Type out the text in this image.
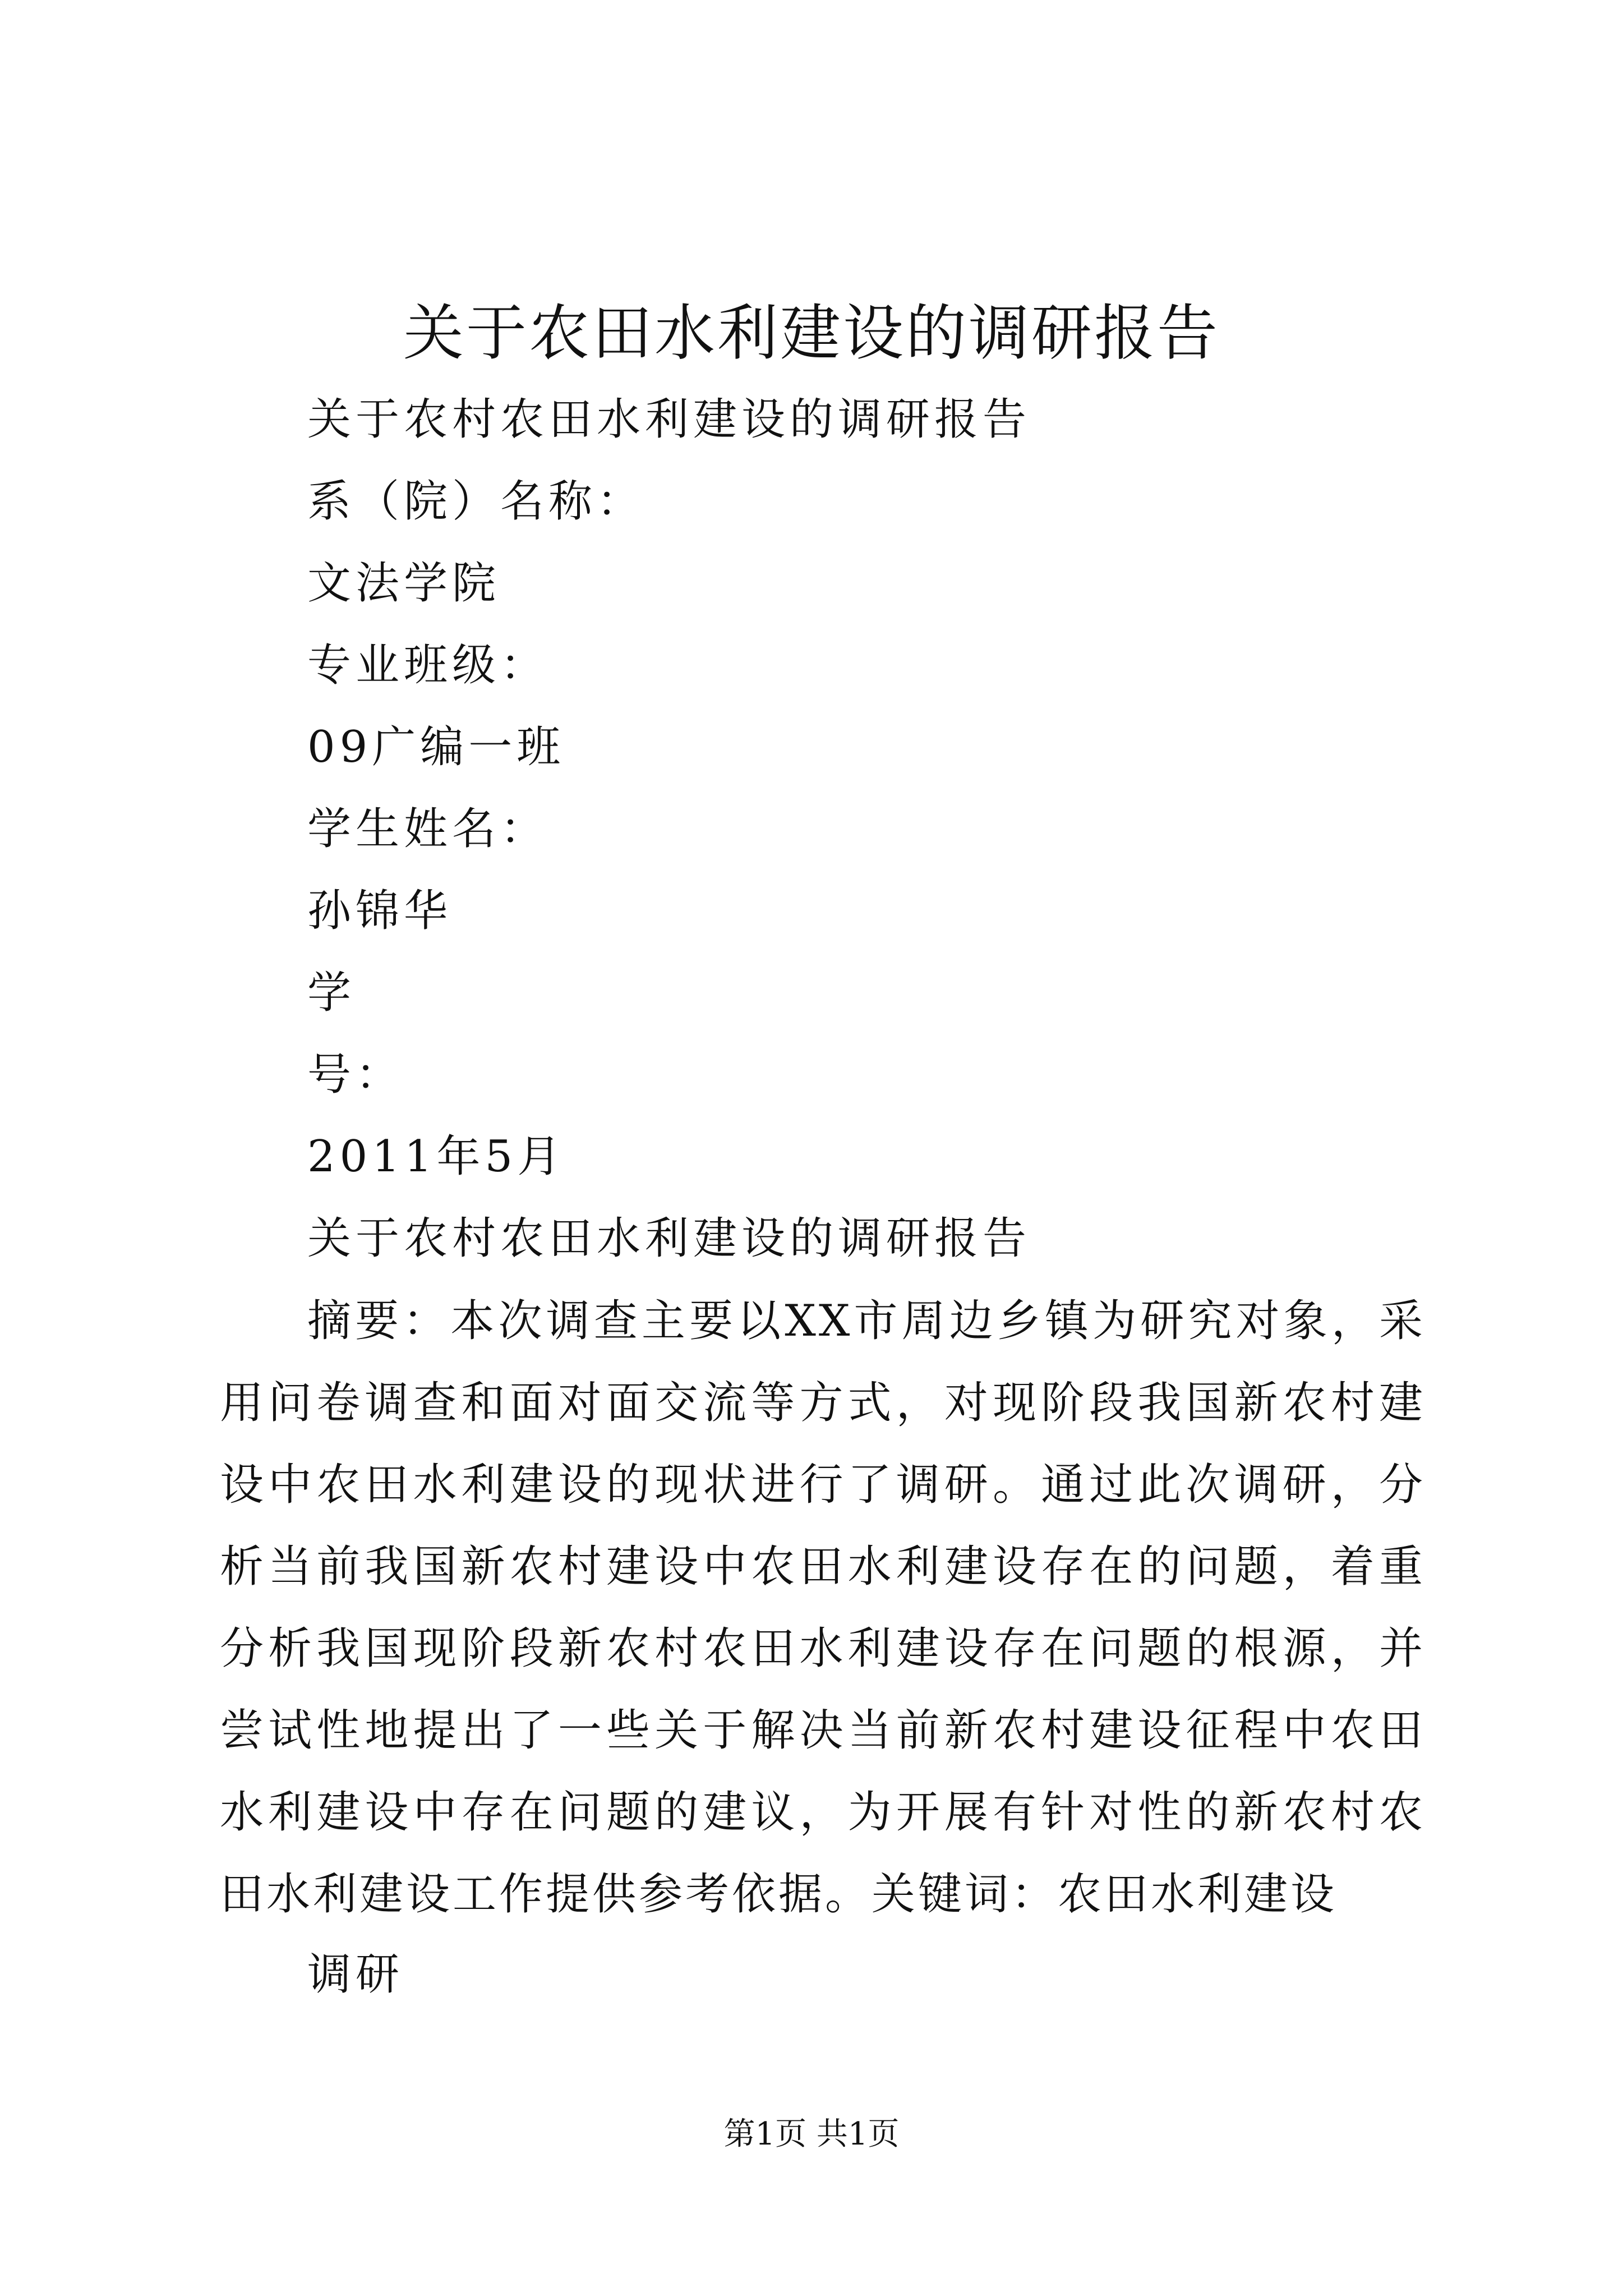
关于农田水利建设的调研报告

关于农村农田水利建设的调研报告

系（院）名称：

文法学院

专业班级：

09广编一班

学生姓名：

孙锦华

学

号：

2011年5月

关于农村农田水利建设的调研报告

摘要：本次调查主要以XX市周边乡镇为研究对象，采用问卷调查和面对面交流等方式，对现阶段我国新农村建设中农田水利建设的现状进行了调研。通过此次调研，分析当前我国新农村建设中农田水利建设存在的问题，着重分析我国现阶段新农村农田水利建设存在问题的根源，并尝试性地提出了一些关于解决当前新农村建设征程中农田水利建设中存在问题的建议，为开展有针对性的新农村农田水利建设工作提供参考依据。关键词：农田水利建设

调研

第1页 共1页
